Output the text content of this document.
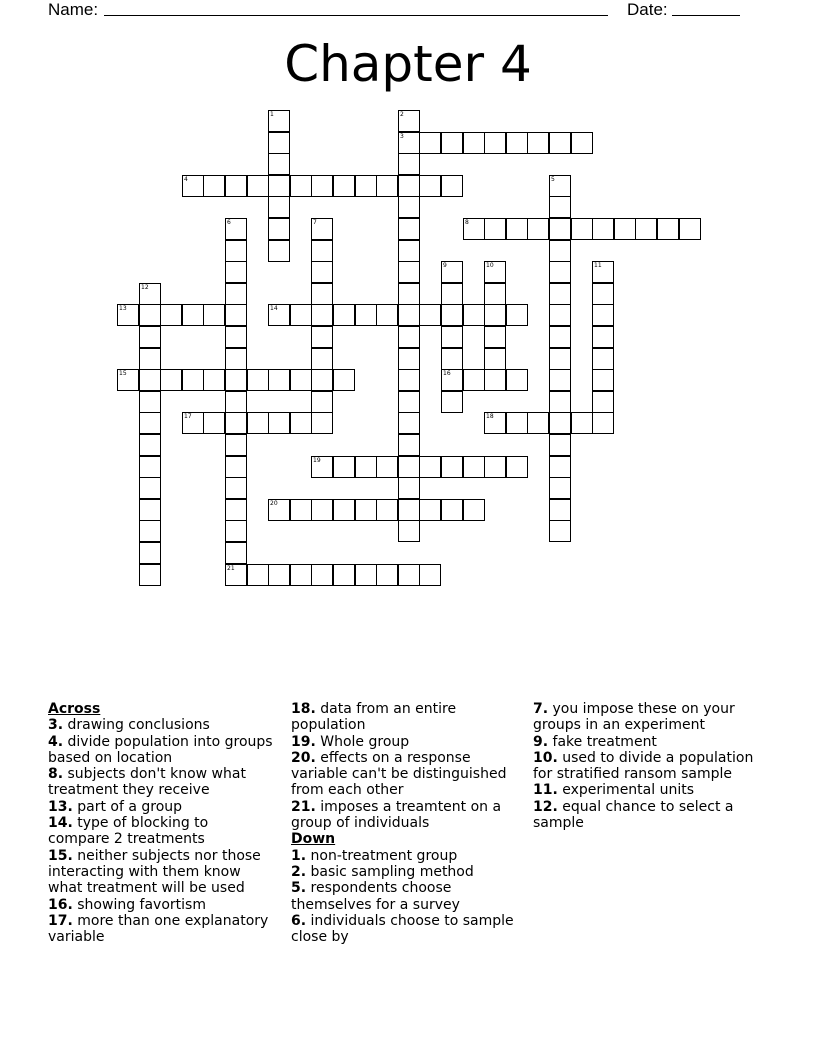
Name:	Date:
Chapter 4
3
4
8
13	14
15	16
17	18
19
20
21
1	2
5
6	7
9	10	11
12
Across
3. drawing conclusions
4. divide population into groups based on location
8. subjects don't know what treatment they receive
13. part of a group
14. type of blocking to compare 2 treatments
15. neither subjects nor those interacting with them know what treatment will be used
16. showing favortism
17. more than one explanatory variable
18. data from an entire population
19. Whole group
20. effects on a response variable can't be distinguished from each other
21. imposes a treamtent on a group of individuals
Down
1. non-treatment group
2. basic sampling method
5. respondents choose themselves for a survey
6. individuals choose to sample close by
7. you impose these on your groups in an experiment
9. fake treatment
10. used to divide a population for stratified ransom sample
11. experimental units
12. equal chance to select a sample
